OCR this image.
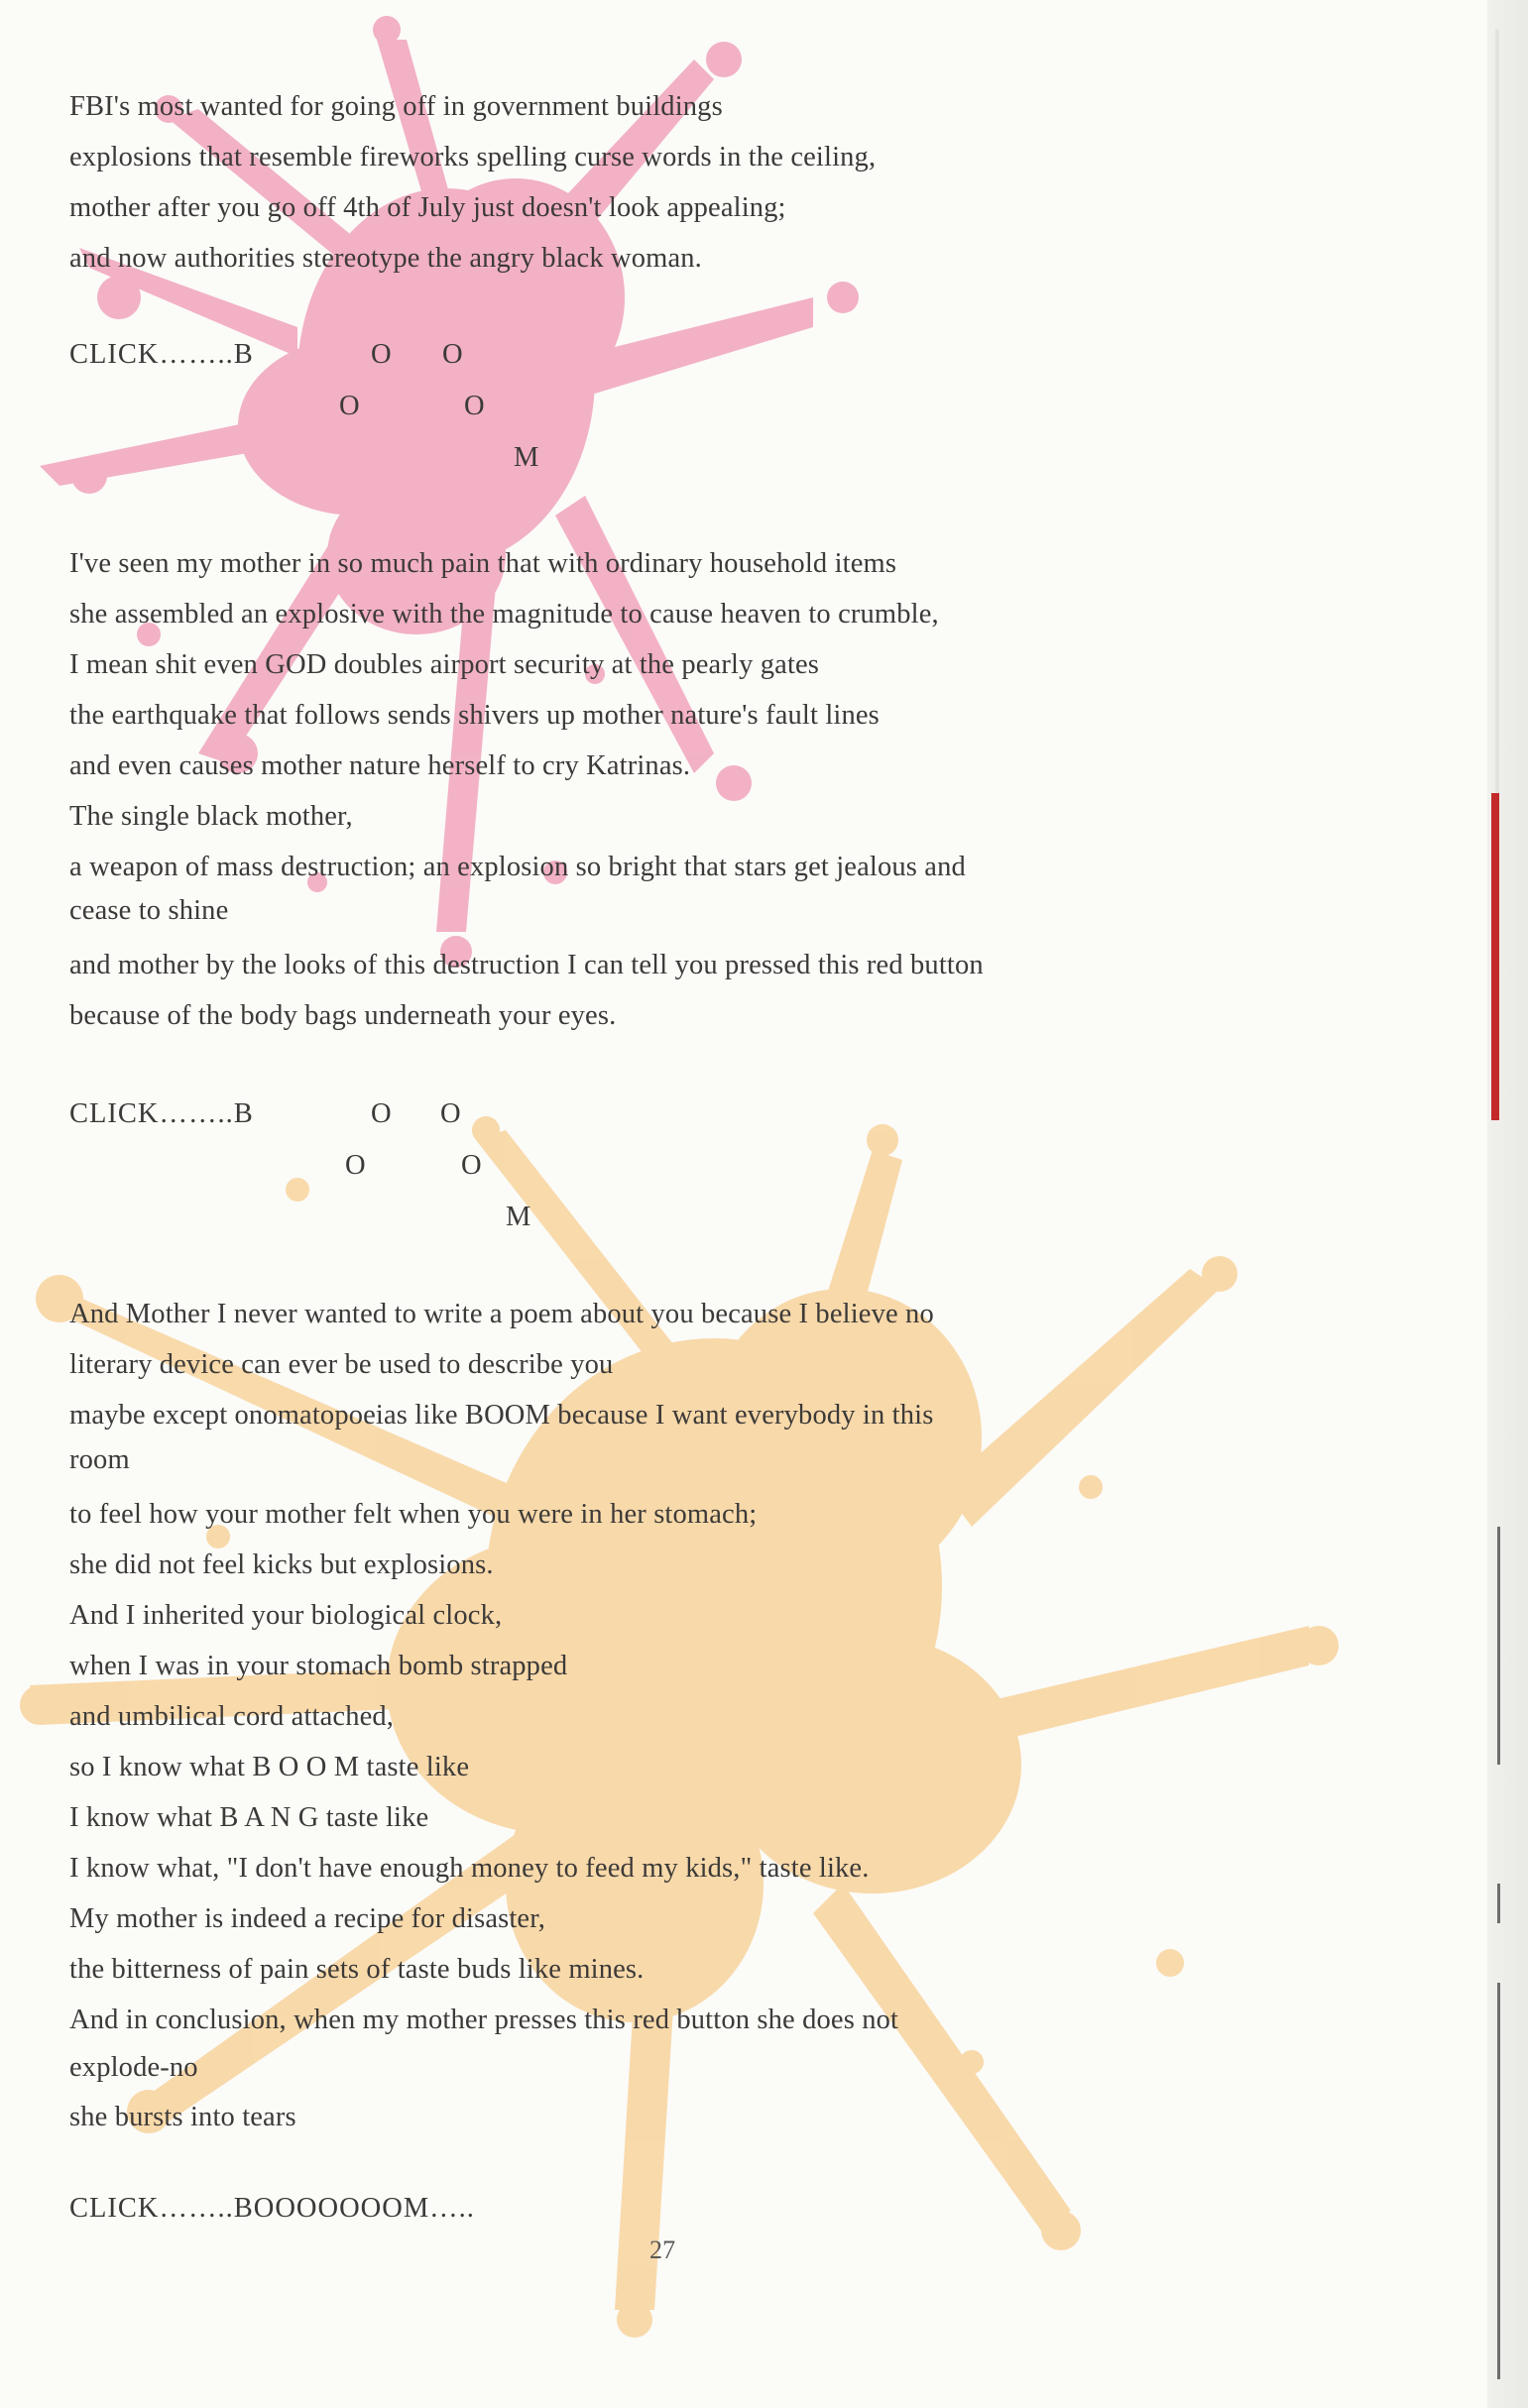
FBI's most wanted for going off in government buildings
explosions that resemble fireworks spelling curse words in the ceiling,
mother after you go off 4th of July just doesn't look appealing;
and now authorities stereotype the angry black woman.
CLICK……..B	O O
O	O
M
I've seen my mother in so much pain that with ordinary household items
she assembled an explosive with the magnitude to cause heaven to crumble,
I mean shit even GOD doubles airport security at the pearly gates
the earthquake that follows sends shivers up mother nature's fault lines
and even causes mother nature herself to cry Katrinas.
The single black mother,
a weapon of mass destruction; an explosion so bright that stars get jealous and
cease to shine
and mother by the looks of this destruction I can tell you pressed this red button
because of the body bags underneath your eyes.
CLICK……..B	O O
O	O
M
And Mother I never wanted to write a poem about you because I believe no
literary device can ever be used to describe you
maybe except onomatopoeias like BOOM because I want everybody in this
room
to feel how your mother felt when you were in her stomach;
she did not feel kicks but explosions.
And I inherited your biological clock,
when I was in your stomach bomb strapped
and umbilical cord attached,
so I know what B O O M taste like
I know what B A N G taste like
I know what, "I don't have enough money to feed my kids," taste like.
My mother is indeed a recipe for disaster,
the bitterness of pain sets of taste buds like mines.
And in conclusion, when my mother presses this red button she does not
explode-no
she bursts into tears
CLICK……..BOOOOOOOM…..
27
